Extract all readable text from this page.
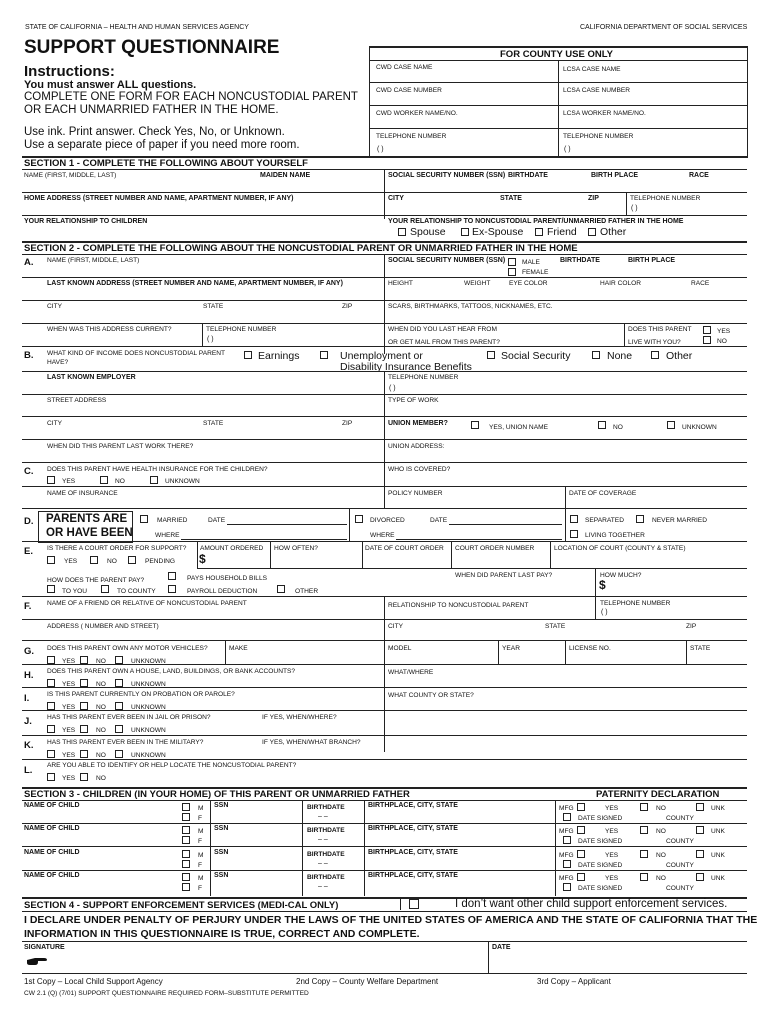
STATE OF CALIFORNIA – HEALTH AND HUMAN SERVICES AGENCY	CALIFORNIA DEPARTMENT OF SOCIAL SERVICES
SUPPORT QUESTIONNAIRE	FOR COUNTY USE ONLY
CWD CASE NAME	LCSA CASE NAME
CWD CASE NUMBER	LCSA CASE NUMBER
CWD WORKER NAME/NO.	LCSA WORKER NAME/NO.
TELEPHONE NUMBER	TELEPHONE NUMBER
( )	( )
Instructions:
You must answer ALL questions.
COMPLETE ONE FORM FOR EACH NONCUSTODIAL PARENT
OR EACH UNMARRIED FATHER IN THE HOME.
Use ink. Print answer. Check Yes, No, or Unknown.
Use a separate piece of paper if you need more room.
SECTION 1 - COMPLETE THE FOLLOWING ABOUT YOURSELF
NAME (FIRST, MIDDLE, LAST)	MAIDEN NAME	SOCIAL SECURITY NUMBER (SSN) BIRTHDATE	BIRTH PLACE	RACE
HOME ADDRESS (STREET NUMBER AND NAME, APARTMENT NUMBER, IF ANY)	CITY	STATE	ZIP	TELEPHONE NUMBER
( )
YOUR RELATIONSHIP TO CHILDREN	YOUR RELATIONSHIP TO NONCUSTODIAL PARENT/UNMARRIED FATHER IN THE HOME
Spouse	Ex-Spouse Friend Other
SECTION 2 - COMPLETE THE FOLLOWING ABOUT THE NONCUSTODIAL PARENT OR UNMARRIED FATHER IN THE HOME
A. NAME (FIRST, MIDDLE, LAST)	SOCIAL SECURITY NUMBER (SSN)	MALE
FEMALE
BIRTHDATE	BIRTH PLACE
LAST KNOWN ADDRESS (STREET NUMBER AND NAME, APARTMENT NUMBER, IF ANY)	HEIGHT	WEIGHT	EYE COLOR	HAIR COLOR	RACE
CITY	STATE	ZIP	SCARS, BIRTHMARKS, TATTOOS, NICKNAMES, ETC.
WHEN WAS THIS ADDRESS CURRENT?	TELEPHONE NUMBER
( )
WHEN DID YOU LAST HEAR FROM
OR GET MAIL FROM THIS PARENT?
DOES THIS PARENT
LIVE WITH YOU?
YES
NO
B. WHAT KIND OF INCOME DOES NONCUSTODIAL PARENT
HAVE?
Earnings	Unemployment or
Disability Insurance Benefits
Social Security	None	Other
LAST KNOWN EMPLOYER	TELEPHONE NUMBER
( )
STREET ADDRESS	TYPE OF WORK
CITY	STATE	ZIP	UNION MEMBER?
YES, UNION NAME	NO	UNKNOWN
WHEN DID THIS PARENT LAST WORK THERE?	UNION ADDRESS:
C. DOES THIS PARENT HAVE HEALTH INSURANCE FOR THE CHILDREN?
YES	NO	UNKNOWN
WHO IS COVERED?
NAME OF INSURANCE	POLICY NUMBER	DATE OF COVERAGE
D. PARENTS ARE
OR HAVE BEEN
MARRIED	DATE
WHERE
DIVORCED	DATE
WHERE
SEPARATED	NEVER MARRIED
LIVING TOGETHER
E. IS THERE A COURT ORDER FOR SUPPORT?
YES	NO	PENDING
AMOUNT ORDERED
$
HOW OFTEN?	DATE OF COURT ORDER COURT ORDER NUMBER	LOCATION OF COURT (COUNTY & STATE)
HOW DOES THE PARENT PAY?	PAYS HOUSEHOLD BILLS
TO YOU	TO COUNTY	PAYROLL DEDUCTION	OTHER
WHEN DID PARENT LAST PAY?	HOW MUCH?
$
F. NAME OF A FRIEND OR RELATIVE OF NONCUSTODIAL PARENT	RELATIONSHIP TO NONCUSTODIAL PARENT	TELEPHONE NUMBER
( )
ADDRESS ( NUMBER AND STREET)	CITY	STATE	ZIP
G. DOES THIS PARENT OWN ANY MOTOR VEHICLES?
YES	NO	UNKNOWN
MAKE	MODEL	YEAR	LICENSE NO.	STATE
H. DOES THIS PARENT OWN A HOUSE, LAND, BUILDINGS, OR BANK ACCOUNTS?
YES	NO	UNKNOWN
WHAT/WHERE
I.	IS THIS PARENT CURRENTLY ON PROBATION OR PAROLE?
YES	NO	UNKNOWN
WHAT COUNTY OR STATE?
J. HAS THIS PARENT EVER BEEN IN JAIL OR PRISON?	IF YES, WHEN/WHERE?
YES	NO	UNKNOWN
K. HAS THIS PARENT EVER BEEN IN THE MILITARY?	IF YES, WHEN/WHAT BRANCH?
YES	NO	UNKNOWN
L. ARE YOU ABLE TO IDENTIFY OR HELP LOCATE THE NONCUSTODIAL PARENT?
YES	NO
SECTION 3 - CHILDREN (IN YOUR HOME) OF THIS PARENT OR UNMARRIED FATHER	PATERNITY DECLARATION
NAME OF CHILD	M
F
SSN	BIRTHDATE
– –
BIRTHPLACE, CITY, STATE	MFG	YES	NO	UNK
DATE SIGNED	COUNTY
NAME OF CHILD	M
F
SSN	BIRTHDATE
– –
BIRTHPLACE, CITY, STATE	MFG	YES	NO	UNK
DATE SIGNED	COUNTY
NAME OF CHILD	M
F
SSN	BIRTHDATE
– –
BIRTHPLACE, CITY, STATE	MFG	YES	NO	UNK
DATE SIGNED	COUNTY
NAME OF CHILD	M
F
SSN	BIRTHDATE
– –
BIRTHPLACE, CITY, STATE	MFG	YES	NO	UNK
DATE SIGNED	COUNTY
SECTION 4 - SUPPORT ENFORCEMENT SERVICES (MEDI-CAL ONLY)	I don’t want other child support enforcement services.
I DECLARE UNDER PENALTY OF PERJURY UNDER THE LAWS OF THE UNITED STATES OF AMERICA AND THE STATE OF CALIFORNIA THAT THE
INFORMATION IN THIS QUESTIONNAIRE IS TRUE, CORRECT AND COMPLETE.
SIGNATURE	DATE
1st Copy – Local Child Support Agency	2nd Copy – County Welfare Department	3rd Copy – Applicant
CW 2.1 (Q) (7/01) SUPPORT QUESTIONNAIRE REQUIRED FORM–SUBSTITUTE PERMITTED
